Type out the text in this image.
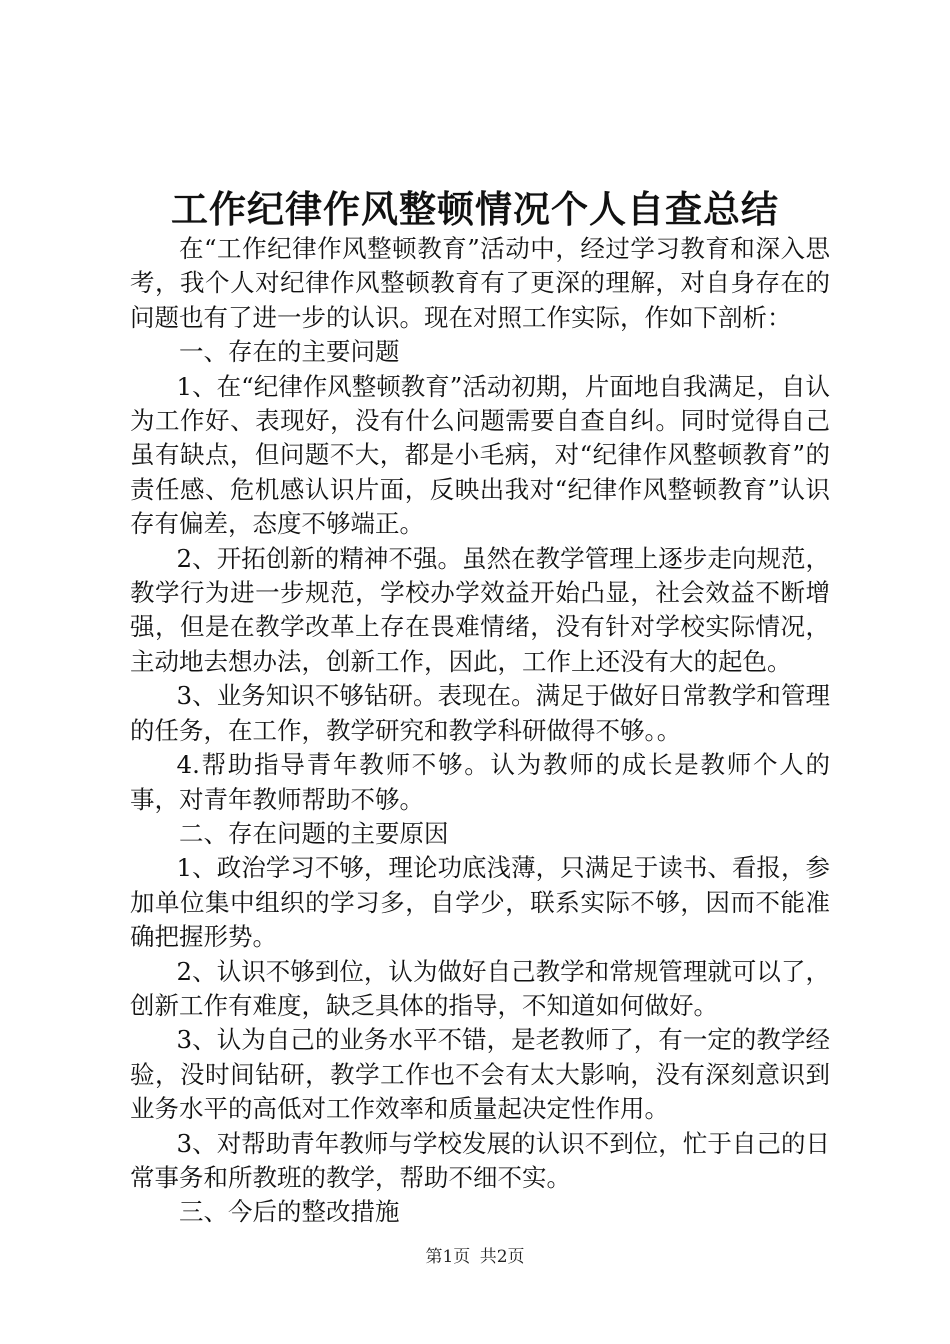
工作纪律作风整顿情况个人自查总结

在“工作纪律作风整顿教育”活动中，经过学习教育和深入思考，我个人对纪律作风整顿教育有了更深的理解，对自身存在的问题也有了进一步的认识。现在对照工作实际，作如下剖析：

一、存在的主要问题

1、在“纪律作风整顿教育”活动初期，片面地自我满足，自认为工作好、表现好，没有什么问题需要自查自纠。同时觉得自己虽有缺点，但问题不大，都是小毛病，对“纪律作风整顿教育”的责任感、危机感认识片面，反映出我对“纪律作风整顿教育”认识存有偏差，态度不够端正。

2、开拓创新的精神不强。虽然在教学管理上逐步走向规范，教学行为进一步规范，学校办学效益开始凸显，社会效益不断增强，但是在教学改革上存在畏难情绪，没有针对学校实际情况，主动地去想办法，创新工作，因此，工作上还没有大的起色。

3、业务知识不够钻研。表现在。满足于做好日常教学和管理的任务，在工作，教学研究和教学科研做得不够。。

4.帮助指导青年教师不够。认为教师的成长是教师个人的事，对青年教师帮助不够。

二、存在问题的主要原因

1、政治学习不够，理论功底浅薄，只满足于读书、看报，参加单位集中组织的学习多，自学少，联系实际不够，因而不能准确把握形势。

2、认识不够到位，认为做好自己教学和常规管理就可以了，创新工作有难度，缺乏具体的指导，不知道如何做好。

3、认为自己的业务水平不错，是老教师了，有一定的教学经验，没时间钻研，教学工作也不会有太大影响，没有深刻意识到业务水平的高低对工作效率和质量起决定性作用。

3、对帮助青年教师与学校发展的认识不到位，忙于自己的日常事务和所教班的教学，帮助不细不实。

三、今后的整改措施

第1页 共2页
